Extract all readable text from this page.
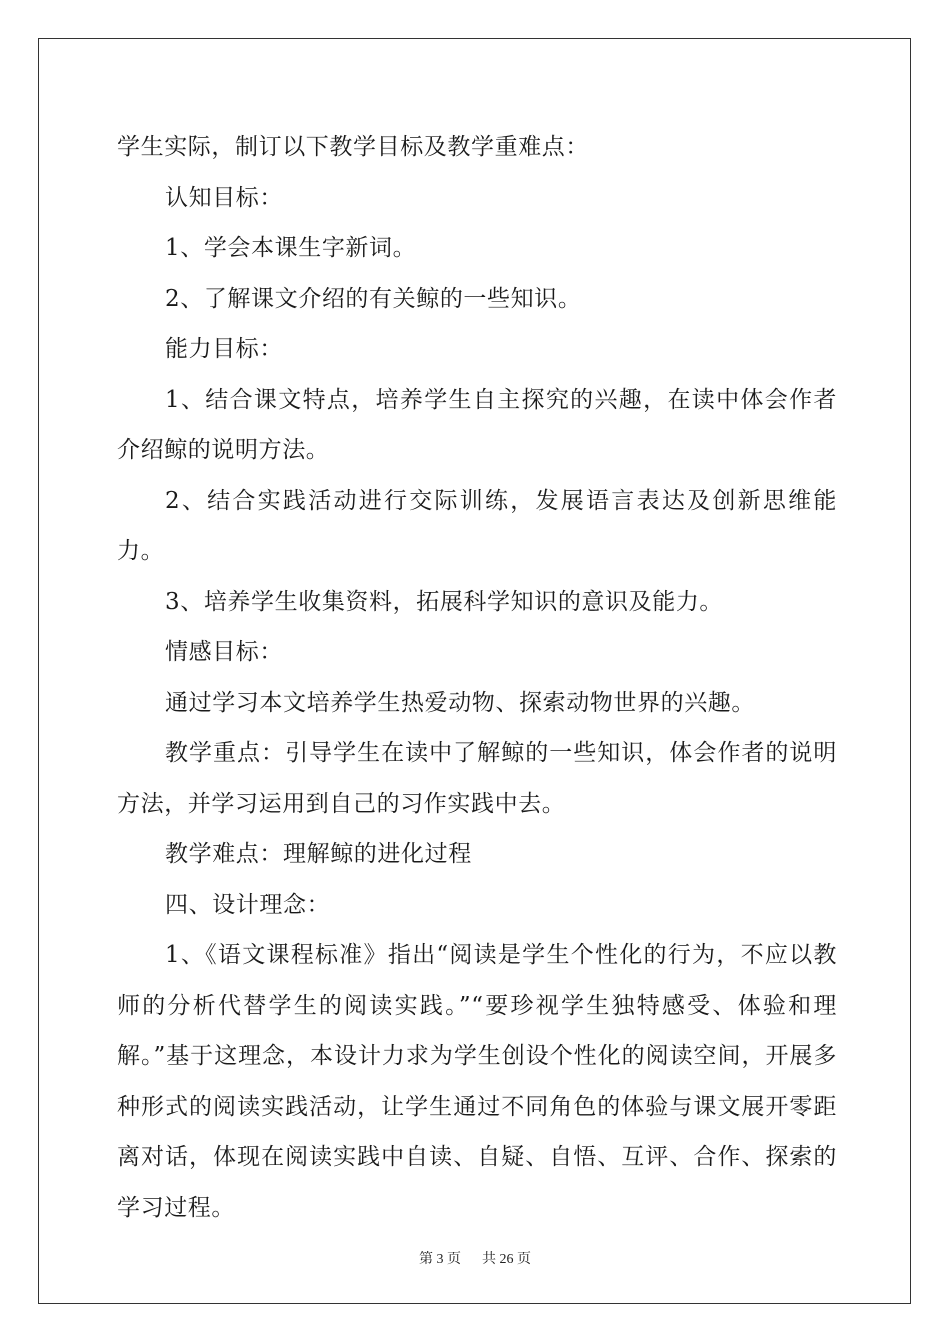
学生实际，制订以下教学目标及教学重难点：

认知目标：

1、学会本课生字新词。

2、了解课文介绍的有关鲸的一些知识。

能力目标：

1、结合课文特点，培养学生自主探究的兴趣，在读中体会作者介绍鲸的说明方法。

2、结合实践活动进行交际训练，发展语言表达及创新思维能力。

3、培养学生收集资料，拓展科学知识的意识及能力。

情感目标：

通过学习本文培养学生热爱动物、探索动物世界的兴趣。

教学重点：引导学生在读中了解鲸的一些知识，体会作者的说明方法，并学习运用到自己的习作实践中去。

教学难点：理解鲸的进化过程

四、设计理念：

1、《语文课程标准》指出“阅读是学生个性化的行为，不应以教师的分析代替学生的阅读实践。”“要珍视学生独特感受、体验和理解。”基于这理念，本设计力求为学生创设个性化的阅读空间，开展多种形式的阅读实践活动，让学生通过不同角色的体验与课文展开零距离对话，体现在阅读实践中自读、自疑、自悟、互评、合作、探索的学习过程。

第 3 页 共 26 页
